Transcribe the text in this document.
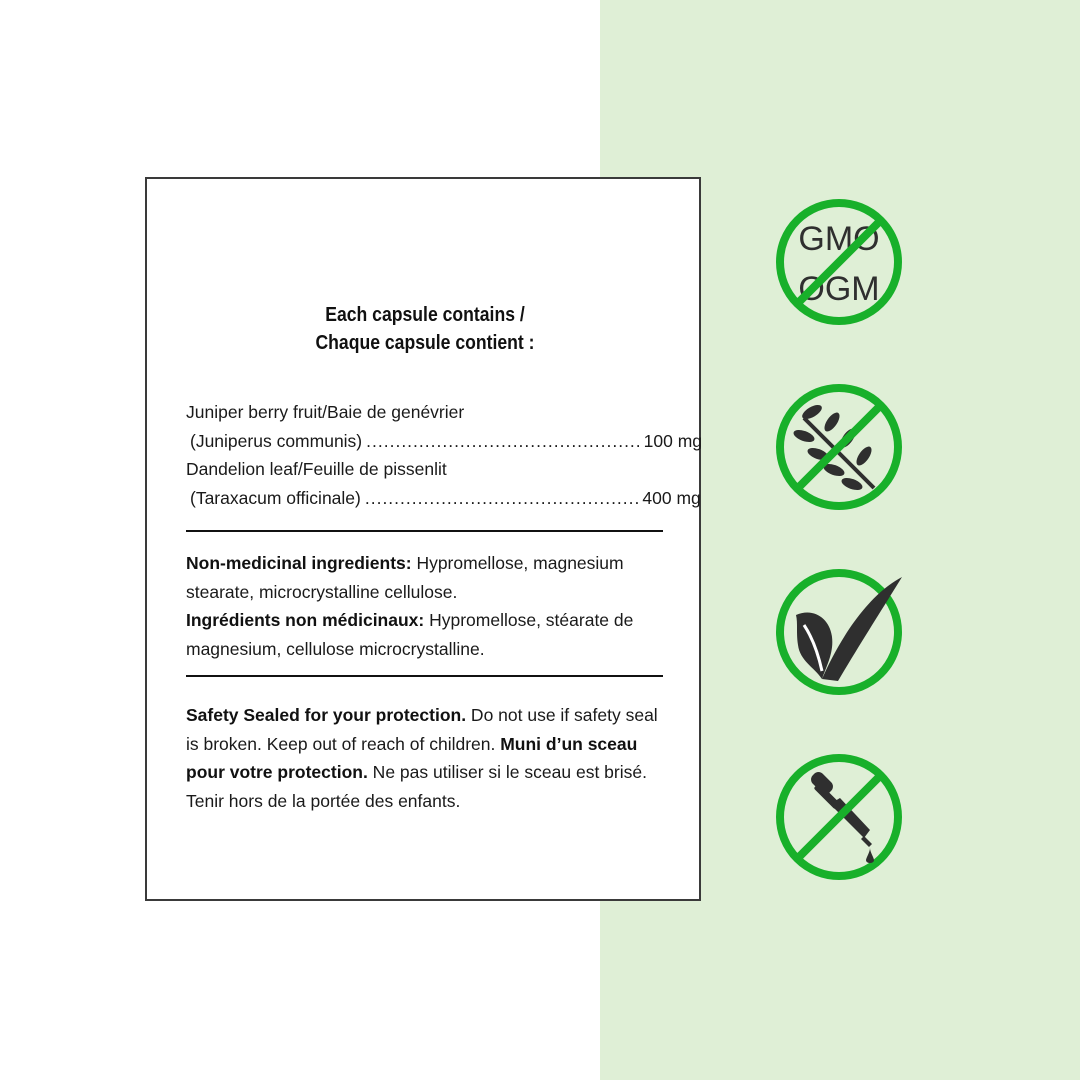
Each capsule contains /
Chaque capsule contient :
Juniper berry fruit/Baie de genévrier
(Juniperus communis) ............................................... 100 mg
Dandelion leaf/Feuille de pissenlit
(Taraxacum officinale) ............................................... 400 mg
Non-medicinal ingredients: Hypromellose, magnesium stearate, microcrystalline cellulose.
Ingrédients non médicinaux: Hypromellose, stéarate de magnesium, cellulose microcrystalline.
Safety Sealed for your protection. Do not use if safety seal is broken. Keep out of reach of children. Muni d’un sceau pour votre protection. Ne pas utiliser si le sceau est brisé. Tenir hors de la portée des enfants.
GMO
OGM
